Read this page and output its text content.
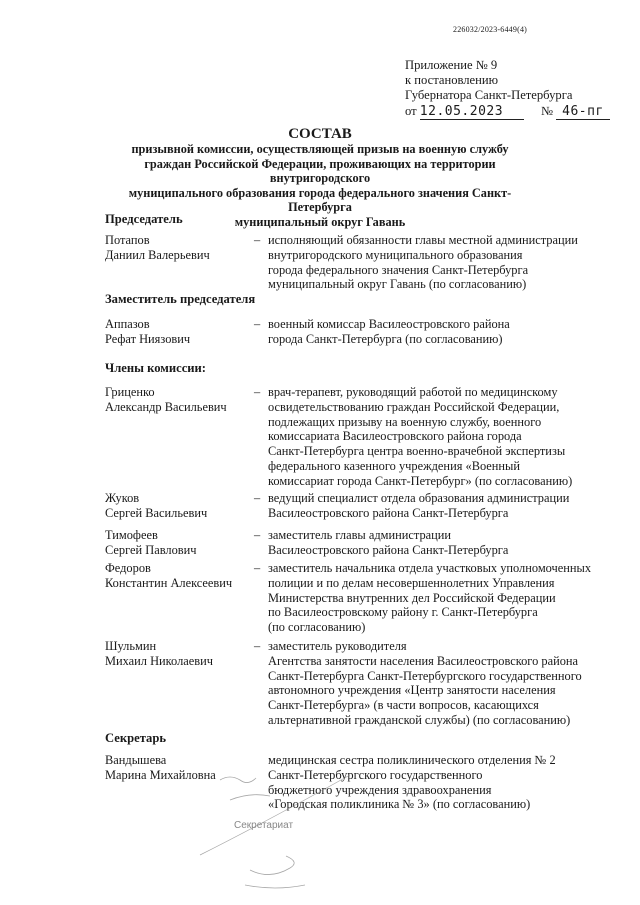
226032/2023-6449(4)
Приложение № 9
к постановлению
Губернатора Санкт-Петербурга
от 12.05.2023	№ 46-пг
СОСТАВ
призывной комиссии, осуществляющей призыв на военную службу
граждан Российской Федерации, проживающих на территории внутригородского
муниципального образования города федерального значения Санкт-Петербурга
муниципальный округ Гавань
Председатель
Потапов
Даниил Валерьевич
– исполняющий обязанности главы местной администрации
внутригородского муниципального образования
города федерального значения Санкт-Петербурга
муниципальный округ Гавань (по согласованию)
Заместитель председателя
Аппазов
Рефат Ниязович
– военный комиссар Василеостровского района
города Санкт-Петербурга (по согласованию)
Члены комиссии:
Гриценко
Александр Васильевич
– врач-терапевт, руководящий работой по медицинскому
освидетельствованию граждан Российской Федерации,
подлежащих призыву на военную службу, военного
комиссариата Василеостровского района города
Санкт-Петербурга центра военно-врачебной экспертизы
федерального казенного учреждения «Военный
комиссариат города Санкт-Петербург» (по согласованию)
Жуков
Сергей Васильевич
– ведущий специалист отдела образования администрации
Василеостровского района Санкт-Петербурга
Тимофеев
Сергей Павлович
– заместитель главы администрации
Василеостровского района Санкт-Петербурга
Федоров
Константин Алексеевич
– заместитель начальника отдела участковых уполномоченных
полиции и по делам несовершеннолетних Управления
Министерства внутренних дел Российской Федерации
по Василеостровскому району г. Санкт-Петербурга
(по согласованию)
Шульмин
Михаил Николаевич
– заместитель руководителя
Агентства занятости населения Василеостровского района
Санкт-Петербурга Санкт-Петербургского государственного
автономного учреждения «Центр занятости населения
Санкт-Петербурга» (в части вопросов, касающихся
альтернативной гражданской службы) (по согласованию)
Секретарь
Вандышева
Марина Михайловна
медицинская сестра поликлинического отделения № 2
Санкт-Петербургского государственного
бюджетного учреждения здравоохранения
«Городская поликлиника № 3» (по согласованию)
Секретариат
